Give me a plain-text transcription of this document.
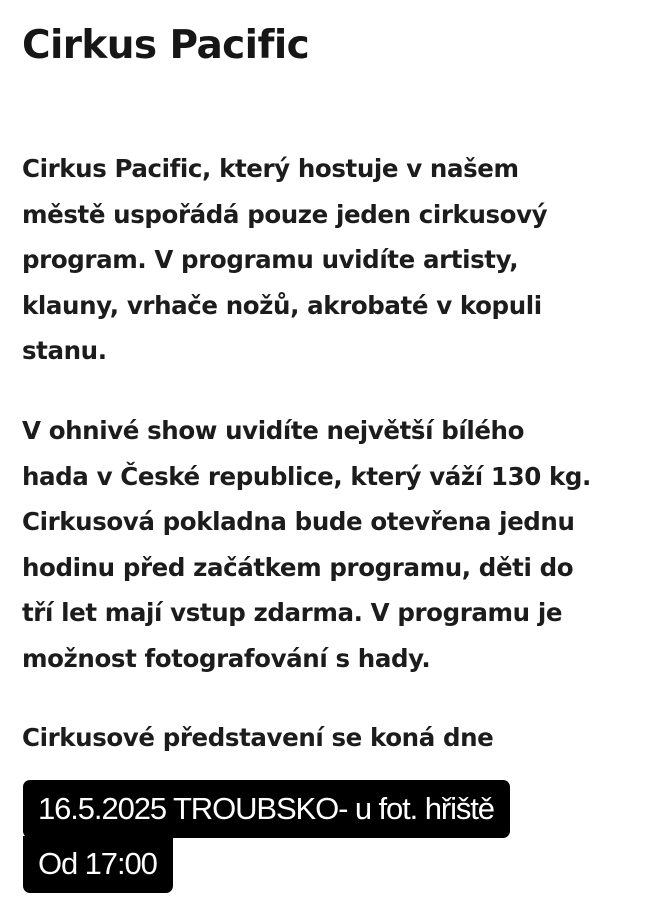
Cirkus Pacific
Cirkus Pacific, který hostuje v našem
městě uspořádá pouze jeden cirkusový
program. V programu uvidíte artisty,
klauny, vrhače nožů, akrobaté v kopuli
stanu.
V ohnivé show uvidíte největší bílého
hada v České republice, který váží 130 kg.
Cirkusová pokladna bude otevřena jednu
hodinu před začátkem programu, děti do
tří let mají vstup zdarma. V programu je
možnost fotografování s hady.
Cirkusové představení se koná dne
16.5.2025 TROUBSKO- u fot. hřiště
Od 17:00
